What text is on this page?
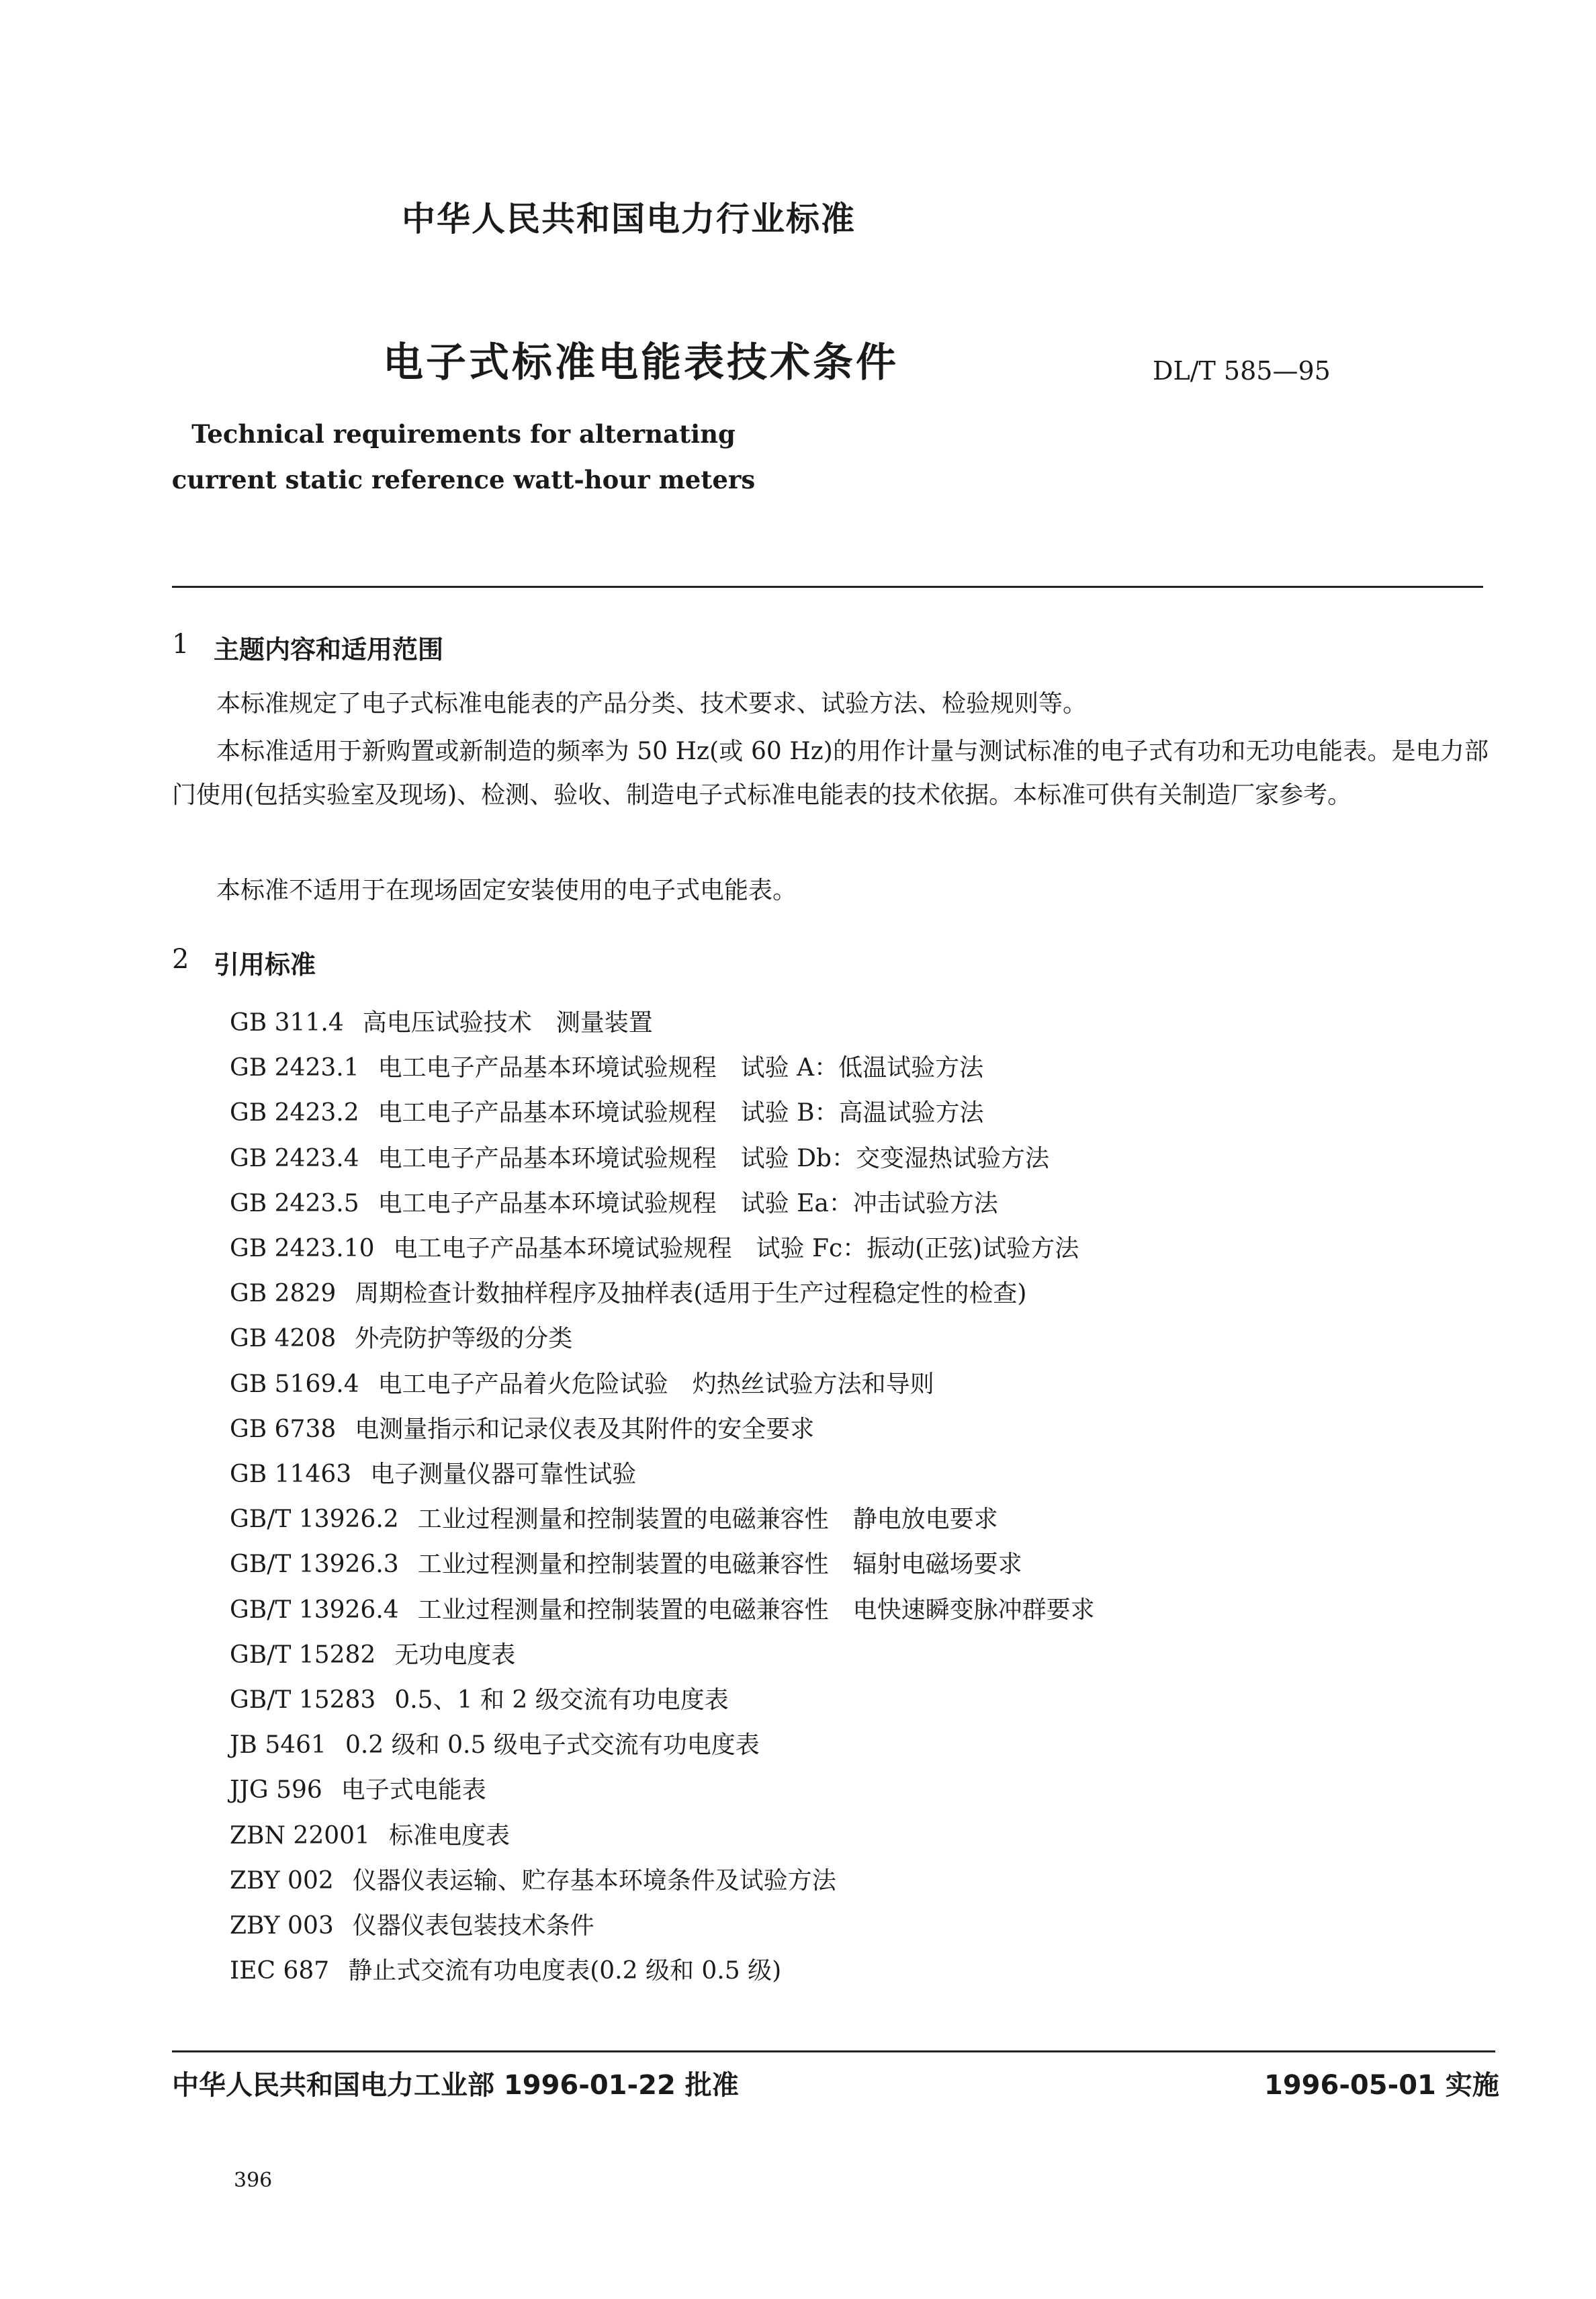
中华人民共和国电力行业标准
电子式标准电能表技术条件	DL/T 585—95
Technical requirements for alternating
current static reference watt-hour meters
1 主题内容和适用范围
本标准规定了电子式标准电能表的产品分类、技术要求、试验方法、检验规则等。
本标准适用于新购置或新制造的频率为 50 Hz(或 60 Hz)的用作计量与测试标准的电子式有功和无功电能表。是电力部门使用(包括实验室及现场)、检测、验收、制造电子式标准电能表的技术依据。本标准可供有关制造厂家参考。
本标准不适用于在现场固定安装使用的电子式电能表。
2 引用标准
GB 311.4 高电压试验技术　测量装置
GB 2423.1 电工电子产品基本环境试验规程　试验 A：低温试验方法
GB 2423.2 电工电子产品基本环境试验规程　试验 B：高温试验方法
GB 2423.4 电工电子产品基本环境试验规程　试验 Db：交变湿热试验方法
GB 2423.5 电工电子产品基本环境试验规程　试验 Ea：冲击试验方法
GB 2423.10 电工电子产品基本环境试验规程　试验 Fc：振动(正弦)试验方法
GB 2829 周期检查计数抽样程序及抽样表(适用于生产过程稳定性的检查)
GB 4208 外壳防护等级的分类
GB 5169.4 电工电子产品着火危险试验　灼热丝试验方法和导则
GB 6738 电测量指示和记录仪表及其附件的安全要求
GB 11463 电子测量仪器可靠性试验
GB/T 13926.2 工业过程测量和控制装置的电磁兼容性　静电放电要求
GB/T 13926.3 工业过程测量和控制装置的电磁兼容性　辐射电磁场要求
GB/T 13926.4 工业过程测量和控制装置的电磁兼容性　电快速瞬变脉冲群要求
GB/T 15282 无功电度表
GB/T 15283 0.5、1 和 2 级交流有功电度表
JB 5461 0.2 级和 0.5 级电子式交流有功电度表
JJG 596 电子式电能表
ZBN 22001 标准电度表
ZBY 002 仪器仪表运输、贮存基本环境条件及试验方法
ZBY 003 仪器仪表包装技术条件
IEC 687 静止式交流有功电度表(0.2 级和 0.5 级)
中华人民共和国电力工业部 1996-01-22 批准	1996-05-01 实施
396
